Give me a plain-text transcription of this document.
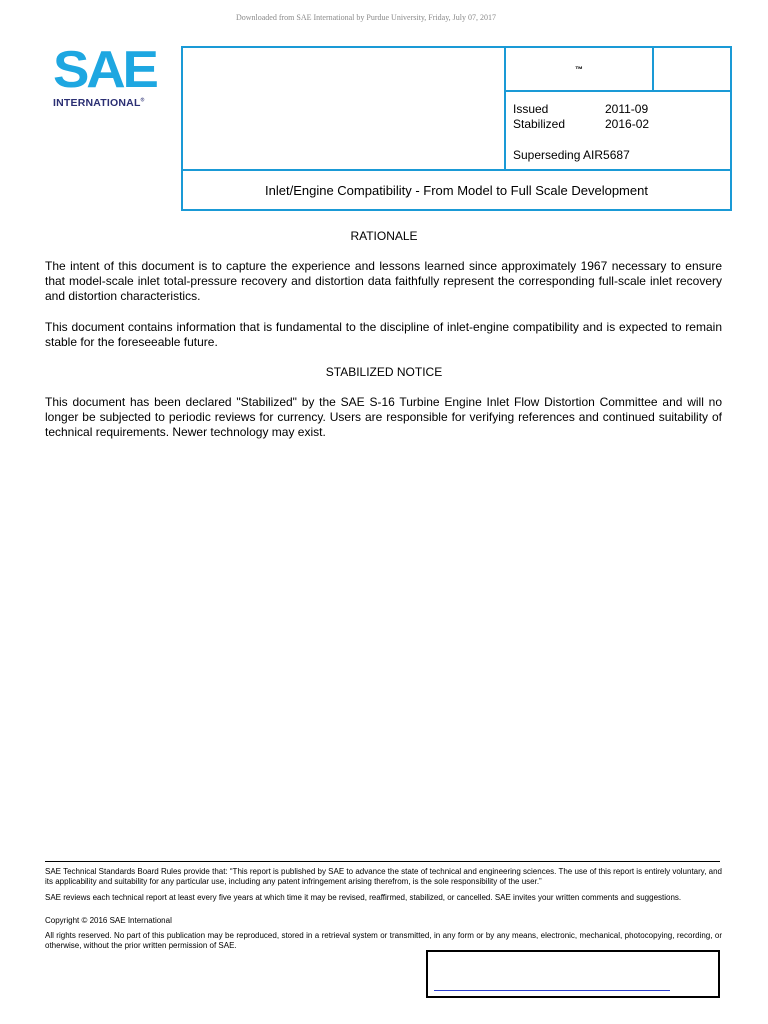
Downloaded from SAE International by Purdue University, Friday, July 07, 2017
SAE
INTERNATIONAL®
™
Issued	2011-09
Stabilized	2016-02
Superseding AIR5687
Inlet/Engine Compatibility - From Model to Full Scale Development
RATIONALE

The intent of this document is to capture the experience and lessons learned since approximately 1967 necessary to ensure that model-scale inlet total-pressure recovery and distortion data faithfully represent the corresponding full-scale inlet recovery and distortion characteristics.

This document contains information that is fundamental to the discipline of inlet-engine compatibility and is expected to remain stable for the foreseeable future.

STABILIZED NOTICE

This document has been declared "Stabilized" by the SAE S-16 Turbine Engine Inlet Flow Distortion Committee and will no longer be subjected to periodic reviews for currency. Users are responsible for verifying references and continued suitability of technical requirements. Newer technology may exist.

SAE Technical Standards Board Rules provide that: “This report is published by SAE to advance the state of technical and engineering sciences. The use of this report is entirely voluntary, and its applicability and suitability for any particular use, including any patent infringement arising therefrom, is the sole responsibility of the user.”

SAE reviews each technical report at least every five years at which time it may be revised, reaffirmed, stabilized, or cancelled. SAE invites your written comments and suggestions.

Copyright © 2016 SAE International

All rights reserved. No part of this publication may be reproduced, stored in a retrieval system or transmitted, in any form or by any means, electronic, mechanical, photocopying, recording, or otherwise, without the prior written permission of SAE.
